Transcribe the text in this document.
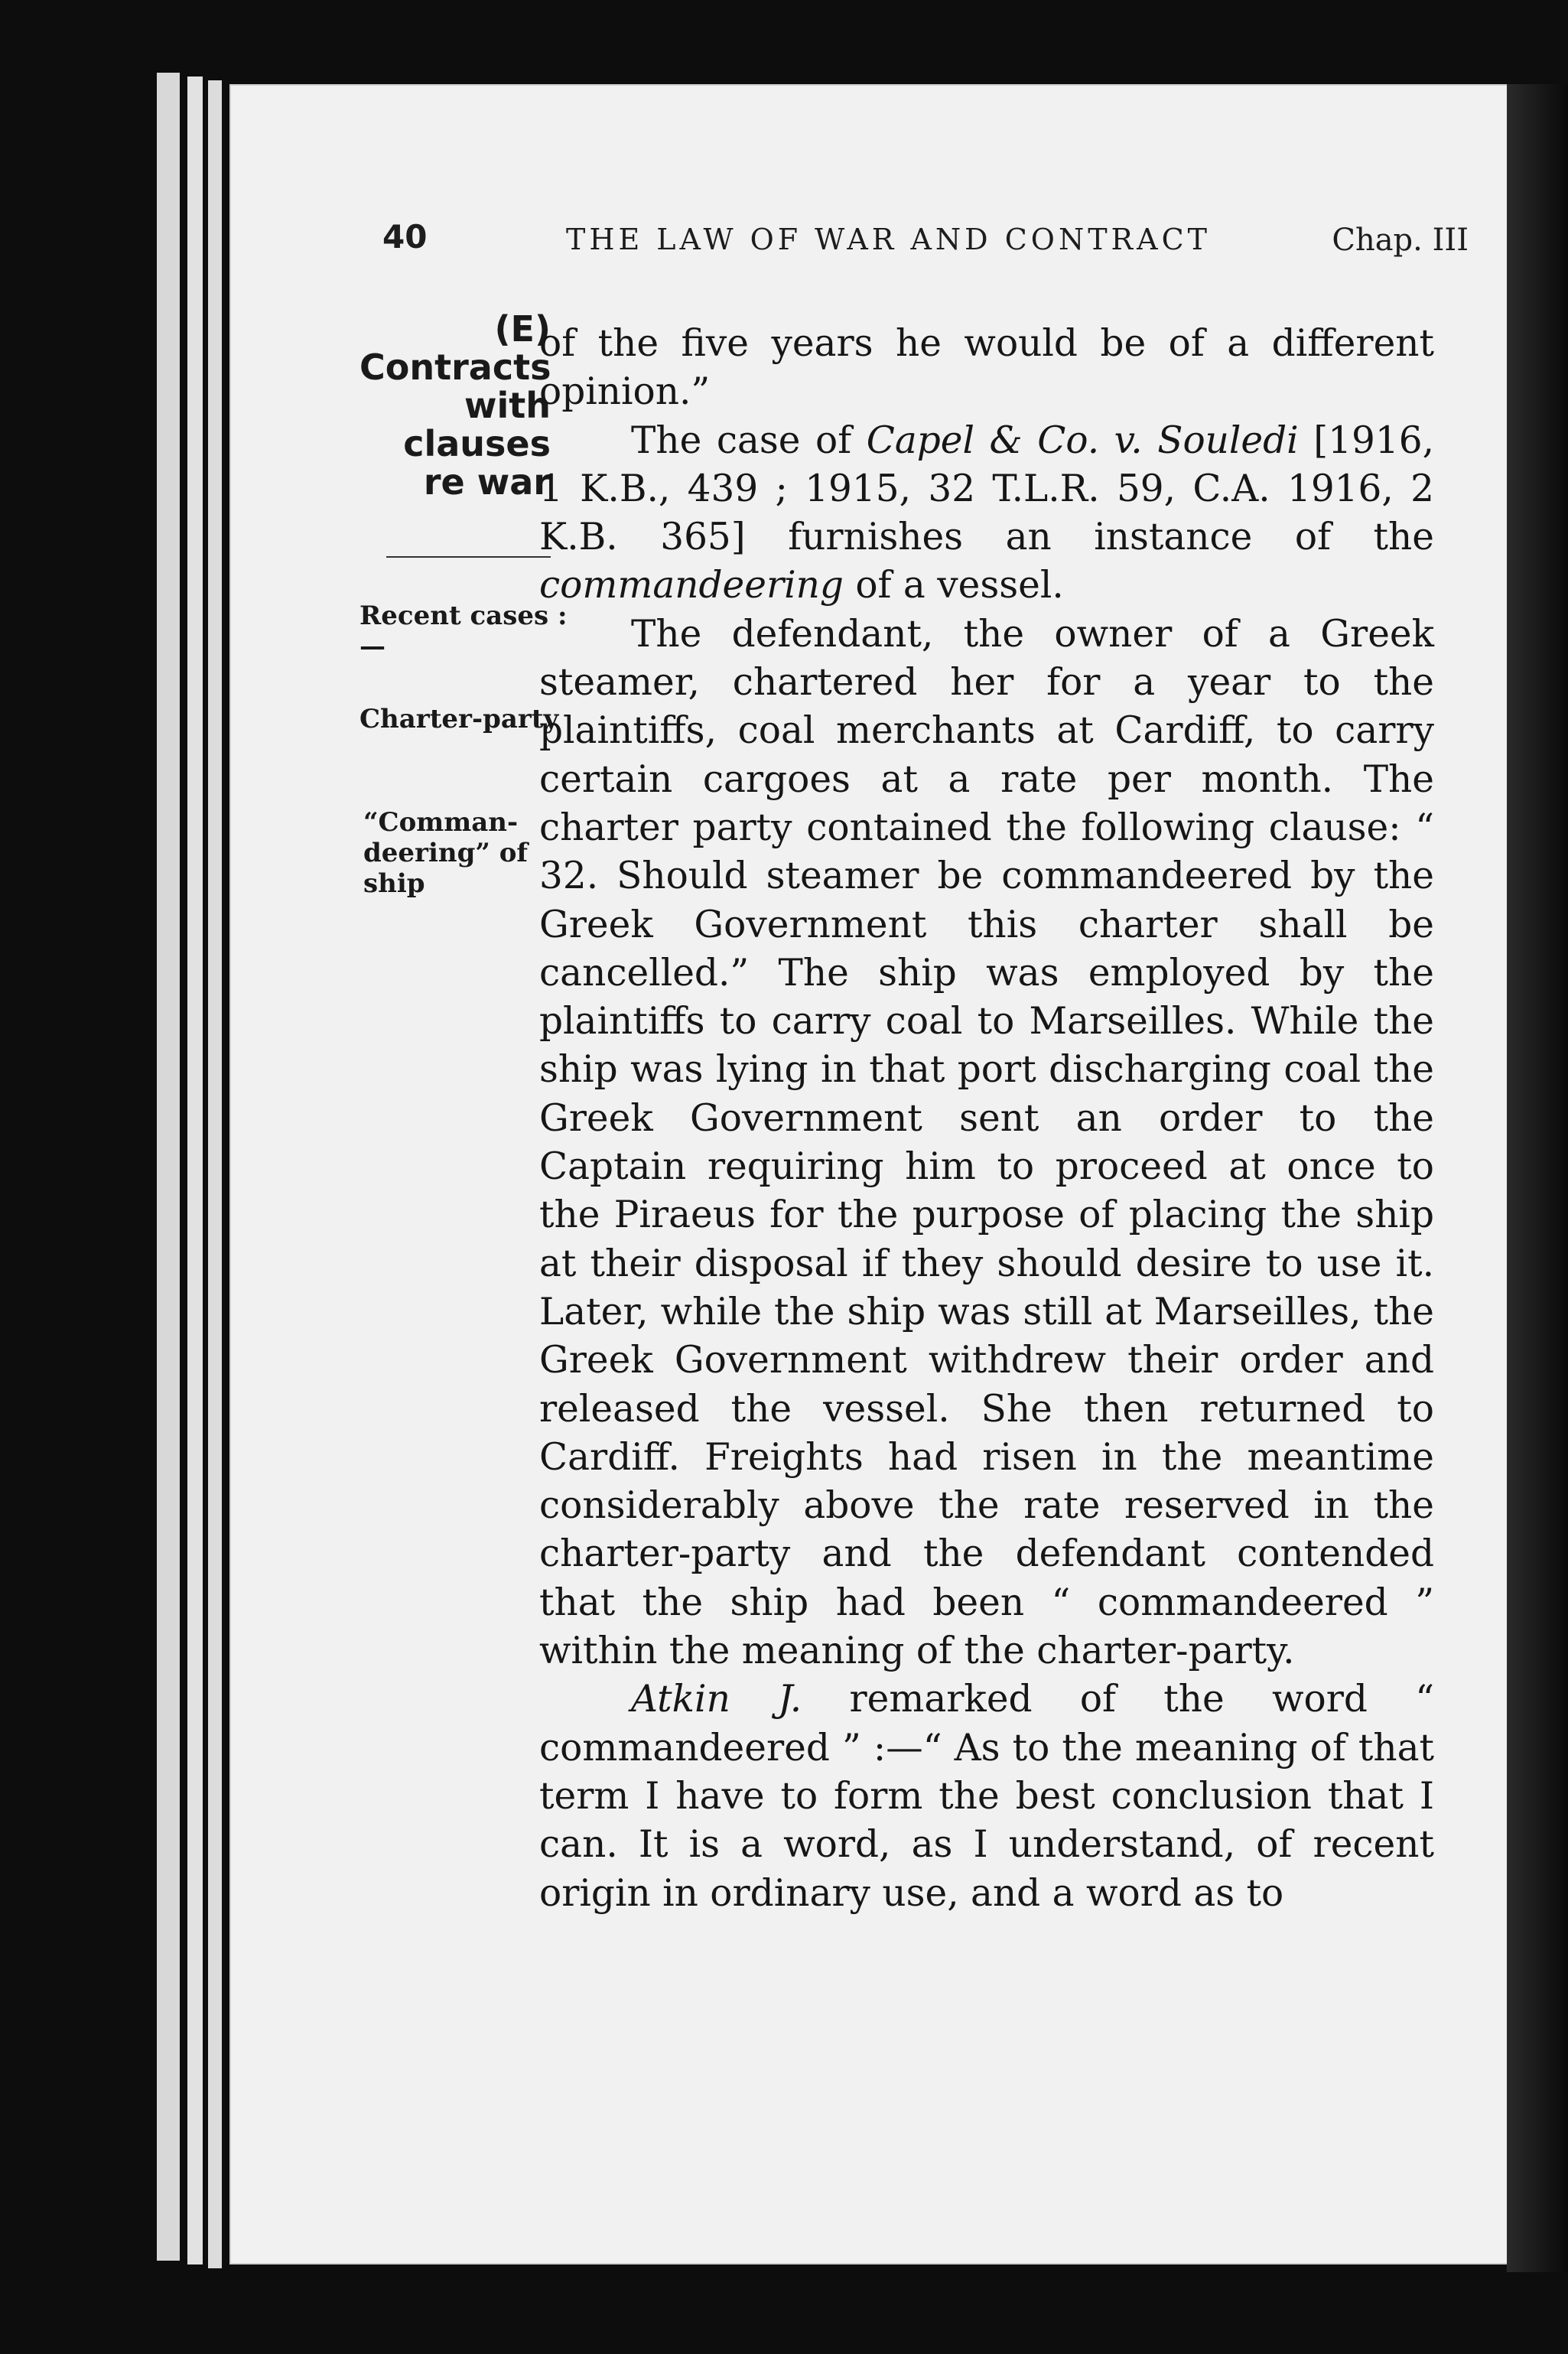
40	THE LAW OF WAR AND CONTRACT	Chap. III
(E) Contracts with clauses re war
Recent cases :—
Charter-party
“Comman-deering” of ship

of the five years he would be of a different opinion.”

The case of Capel & Co. v. Souledi [1916, 1 K.B., 439 ; 1915, 32 T.L.R. 59, C.A. 1916, 2 K.B. 365] furnishes an instance of the commandeering of a vessel.

The defendant, the owner of a Greek steamer, chartered her for a year to the plaintiffs, coal merchants at Cardiff, to carry certain cargoes at a rate per month. The charter party contained the following clause: “ 32. Should steamer be commandeered by the Greek Government this charter shall be cancelled.” The ship was employed by the plaintiffs to carry coal to Marseilles. While the ship was lying in that port discharging coal the Greek Government sent an order to the Captain requiring him to proceed at once to the Piraeus for the purpose of placing the ship at their disposal if they should desire to use it. Later, while the ship was still at Marseilles, the Greek Government withdrew their order and released the vessel. She then returned to Cardiff. Freights had risen in the meantime considerably above the rate reserved in the charter-party and the defendant contended that the ship had been “ commandeered ” within the meaning of the charter-party.

Atkin J. remarked of the word “ commandeered ” :—“ As to the meaning of that term I have to form the best conclusion that I can. It is a word, as I understand, of recent origin in ordinary use, and a word as to
